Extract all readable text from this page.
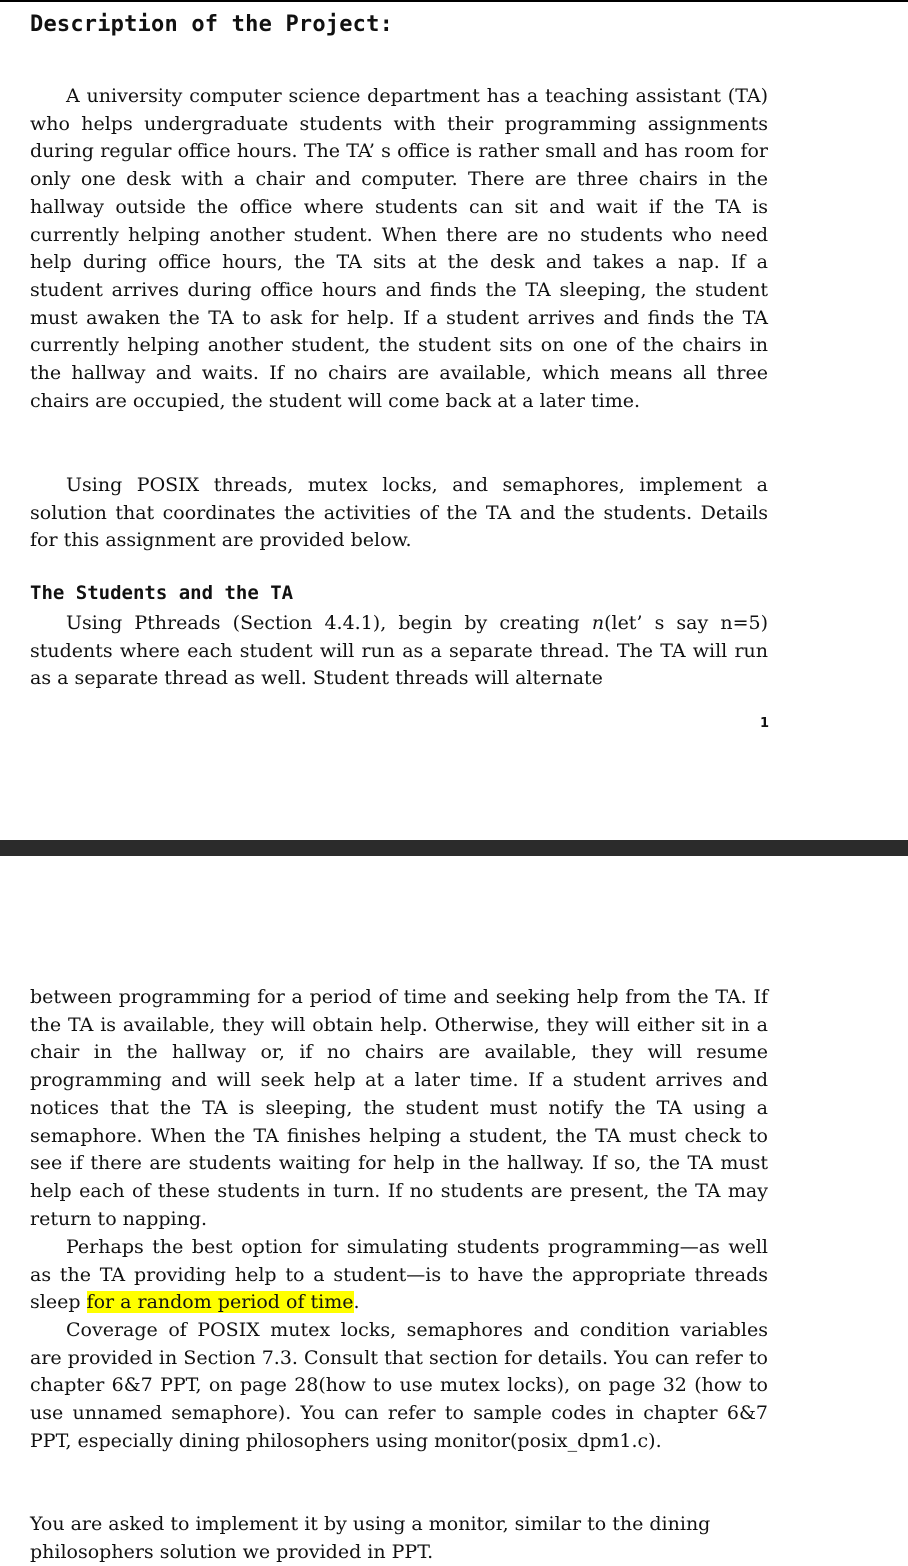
Description of the Project:

A university computer science department has a teaching assistant (TA) who helps undergraduate students with their programming assignments during regular office hours. The TA’ s office is rather small and has room for only one desk with a chair and computer. There are three chairs in the hallway outside the office where students can sit and wait if the TA is currently helping another student. When there are no students who need help during office hours, the TA sits at the desk and takes a nap. If a student arrives during office hours and finds the TA sleeping, the student must awaken the TA to ask for help. If a student arrives and finds the TA currently helping another student, the student sits on one of the chairs in the hallway and waits. If no chairs are available, which means all three chairs are occupied, the student will come back at a later time.

Using POSIX threads, mutex locks, and semaphores, implement a solution that coordinates the activities of the TA and the students. Details for this assignment are provided below.

The Students and the TA

Using Pthreads (Section 4.4.1), begin by creating n(let’ s say n=5) students where each student will run as a separate thread. The TA will run as a separate thread as well. Student threads will alternate

1

between programming for a period of time and seeking help from the TA. If the TA is available, they will obtain help. Otherwise, they will either sit in a chair in the hallway or, if no chairs are available, they will resume programming and will seek help at a later time. If a student arrives and notices that the TA is sleeping, the student must notify the TA using a semaphore. When the TA finishes helping a student, the TA must check to see if there are students waiting for help in the hallway. If so, the TA must help each of these students in turn. If no students are present, the TA may return to napping.

Perhaps the best option for simulating students programming—as well as the TA providing help to a student—is to have the appropriate threads sleep for a random period of time.

Coverage of POSIX mutex locks, semaphores and condition variables are provided in Section 7.3. Consult that section for details. You can refer to chapter 6&7 PPT, on page 28(how to use mutex locks), on page 32 (how to use unnamed semaphore). You can refer to sample codes in chapter 6&7 PPT, especially dining philosophers using monitor(posix_dpm1.c).

You are asked to implement it by using a monitor, similar to the dining philosophers solution we provided in PPT.
